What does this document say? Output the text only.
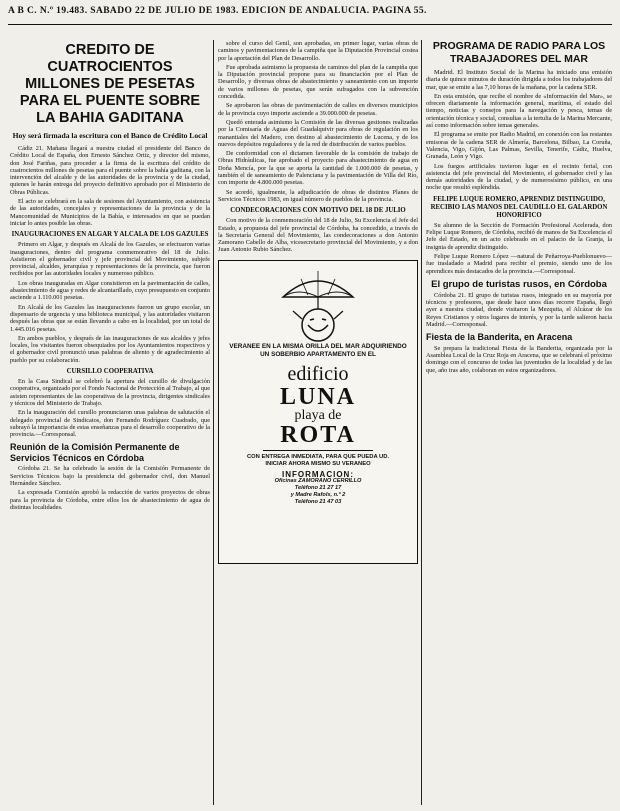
A B C. N.º 19.483. SABADO 22 DE JULIO DE 1983. EDICION DE ANDALUCIA. PAGINA 55.
CREDITO DE CUATROCIENTOS MILLONES DE PESETAS PARA EL PUENTE SOBRE LA BAHIA GADITANA
Hoy será firmada la escritura con el Banco de Crédito Local

Cádiz 21. Mañana llegará a nuestra ciudad el presidente del Banco de Crédito Local de España, don Ernesto Sánchez Ortiz, y director del mismo, don José Fariñas, para proceder a la firma de la escritura del crédito de cuatrocientos millones de pesetas para el puente sobre la bahía gaditana, con la intervención del alcalde y de las autoridades de la provincia y de la ciudad, quienes le harán entrega del proyecto definitivo aprobado por el Ministerio de Obras Públicas.

El acto se celebrará en la sala de sesiones del Ayuntamiento, con asistencia de las autoridades, concejales y representaciones de la provincia y de la Mancomunidad de Municipios de la Bahía, e interesados en que se puedan iniciar lo antes posible las obras.

INAUGURACIONES EN ALGAR Y ALCALA DE LOS GAZULES

Primero en Algar, y después en Alcalá de los Gazules, se efectuaron varias inauguraciones, dentro del programa conmemorativo del 18 de Julio. Asistieron el gobernador civil y jefe provincial del Movimiento, subjefe provincial, alcaldes, jerarquías y representaciones de la provincia, que fueron recibidos por las autoridades locales y numeroso público.

Los obras inauguradas en Algar consistieron en la pavimentación de calles, abastecimiento de agua y redes de alcantarillado, cuyo presupuesto en conjunto asciende a 1.110.001 pesetas.

En Alcalá de los Gazules las inauguraciones fueron un grupo escolar, un dispensario de urgencia y una biblioteca municipal, y las autoridades visitaron después las obras que se están llevando a cabo en la localidad, por un total de 1.445.016 pesetas.

En ambos pueblos, y después de las inauguraciones de sus alcaldes y jefes locales, los visitantes fueron obsequiados por los Ayuntamientos respectivos y el gobernador civil pronunció unas palabras de aliento y de agradecimiento al pueblo por su colaboración.

CURSILLO COOPERATIVA

En la Casa Sindical se celebró la apertura del cursillo de divulgación cooperativa, organizado por el Fondo Nacional de Protección al Trabajo, al que asisten representantes de las cooperativas de la provincia, dirigentes sindicales y técnicos del Ministerio de Trabajo.

En la inauguración del cursillo pronunciaron unas palabras de salutación el delegado provincial de Sindicatos, don Fernando Rodríguez Cuadrado, que subrayó la importancia de estas enseñanzas para el desarrollo cooperativo de la provincia.—Corresponsal.

Reunión de la Comisión Permanente de Servicios Técnicos en Córdoba

Córdoba 21. Se ha celebrado la sesión de la Comisión Permanente de Servicios Técnicos bajo la presidencia del gobernador civil, don Manuel Hernández Sánchez.

La expresada Comisión aprobó la redacción de varios proyectos de obras para la provincia de Córdoba, entre ellos los de abastecimiento de agua de distintas localidades.

sobre el curso del Genil, son aprobadas, en primer lugar, varias obras de caminos y pavimentaciones de la campiña que la Diputación Provincial costea por la aportación del Plan de Desarrollo.

Fue aprobada asimismo la propuesta de caminos del plan de la campiña que la Diputación provincial propone para su financiación por el Plan de Desarrollo, y diversas obras de abastecimiento y saneamiento con un importe de varios millones de pesetas, que serán sufragados con la subvención concedida.

Se aprobaron las obras de pavimentación de calles en diversos municipios de la provincia cuyo importe asciende a 39.000.000 de pesetas.

Quedó enterada asimismo la Comisión de las diversas gestiones realizadas por la Comisaría de Aguas del Guadalquivir para obras de regulación en los manantiales del Madero, con destino al abastecimiento de Lucena, y de los nuevos depósitos reguladores y de la red de distribución de varios pueblos.

De conformidad con el dictamen favorable de la comisión de trabajo de Obras Hidráulicas, fue aprobado el proyecto para abastecimiento de agua en Doña Mencía, por la que se aporta la cantidad de 1.000.000 de pesetas, y también el de saneamiento de Palenciana y la pavimentación de Villa del Río, con importe de 4.800.000 pesetas.

Se acordó, igualmente, la adjudicación de obras de distintos Planes de Servicios Técnicos 1983, en igual número de pueblos de la provincia.

CONDECORACIONES CON MOTIVO DEL 18 DE JULIO

Con motivo de la conmemoración del 18 de Julio, Su Excelencia el Jefe del Estado, a propuesta del jefe provincial de Córdoba, ha concedido, a través de la Secretaría General del Movimiento, las condecoraciones a don Antonio Zamorano Cabello de Alba, vicesecretario provincial del Movimiento, y a don Juan Antonio Rubio Sánchez.

VERANEE EN LA MISMA ORILLA DEL MAR ADQUIRIENDO UN SOBERBIO APARTAMENTO EN EL
edificio
LUNA
playa de
ROTA
CON ENTREGA INMEDIATA, PARA QUE PUEDA UD. INICIAR AHORA MISMO SU VERANEO
INFORMACION:
Oficinas ZAMORANO CERRILLO
Teléfono 21 27 17
y Madre Rafols, n.º 2
Teléfono 21 47 03
PROGRAMA DE RADIO PARA LOS TRABAJADORES DEL MAR

Madrid. El Instituto Social de la Marina ha iniciado una emisión diaria de quince minutos de duración dirigida a todos los trabajadores del mar, que se emite a las 7,10 horas de la mañana, por la cadena SER.

En esta emisión, que recibe el nombre de «Información del Mar», se ofrecen diariamente la información general, marítima, el estado del tiempo, noticias y consejos para la navegación y pesca, temas de orientación técnica y social, consultas a la tertulia de la Marina Mercante, así como información sobre temas generales.

El programa se emite por Radio Madrid, en conexión con las restantes emisoras de la cadena SER de Almería, Barcelona, Bilbao, La Coruña, Valencia, Vigo, Gijón, Las Palmas, Sevilla, Tenerife, Cádiz, Huelva, Granada, León y Vigo.

Los fuegos artificiales tuvieron lugar en el recinto ferial, con asistencia del jefe provincial del Movimiento, el gobernador civil y las demás autoridades de la ciudad, y de numerosísimo público, en una noche que resultó espléndida.

FELIPE LUQUE ROMERO, APRENDIZ DISTINGUIDO, RECIBIO LAS MANOS DEL CAUDILLO EL GALARDON HONORIFICO

Su alumno de la Sección de Formación Profesional Acelerada, don Felipe Luque Romero, de Córdoba, recibió de manos de Su Excelencia el Jefe del Estado, en un acto celebrado en el palacio de la Granja, la insignia de aprendiz distinguido.

Felipe Luque Romero López —natural de Peñarroya-Pueblonuevo— fue trasladado a Madrid para recibir el premio, siendo uno de los aprendices más destacados de la provincia.—Corresponsal.

El grupo de turistas rusos, en Córdoba

Córdoba 21. El grupo de turistas rusos, integrado en su mayoría por técnicos y profesores, que desde hace unos días recorre España, llegó ayer a nuestra ciudad, donde visitaron la Mezquita, el Alcázar de los Reyes Cristianos y otros lugares de interés, y por la tarde salieron hacia Madrid.—Corresponsal.

Fiesta de la Banderita, en Aracena

Se prepara la tradicional Fiesta de la Banderita, organizada por la Asamblea Local de la Cruz Roja en Aracena, que se celebrará el próximo domingo con el concurso de todas las juventudes de la localidad y de las que, año tras año, colaboran en estos organizadores.
